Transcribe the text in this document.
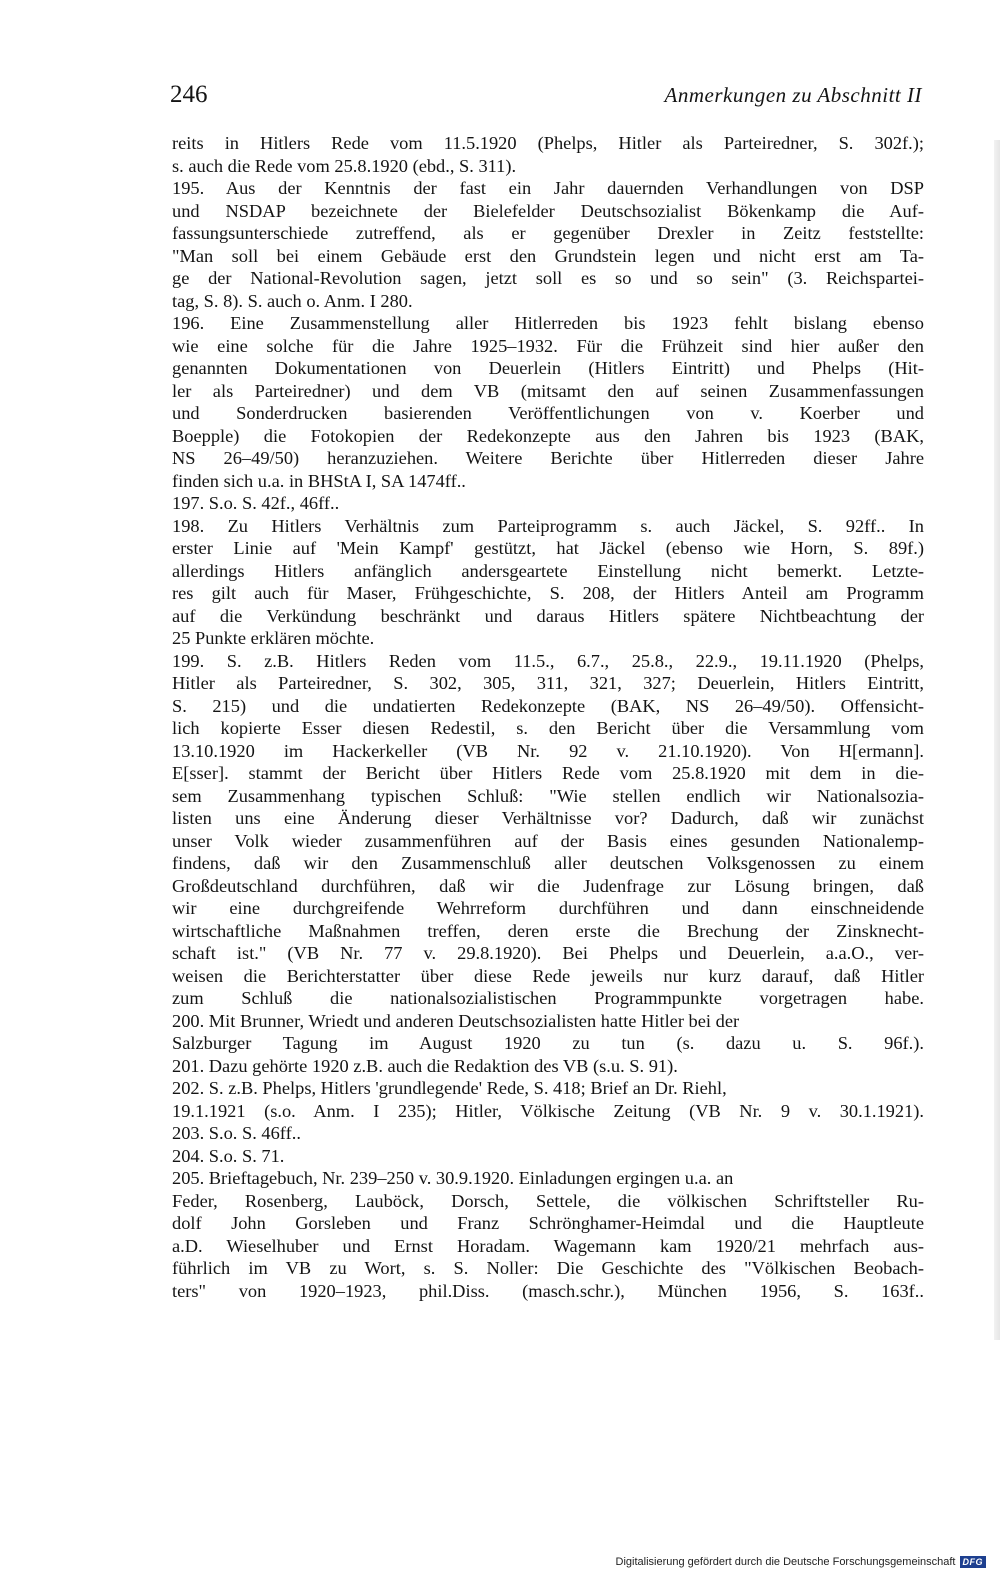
246	Anmerkungen zu Abschnitt II
reits in Hitlers Rede vom 11.5.1920 (Phelps, Hitler als Parteiredner, S. 302f.);
s. auch die Rede vom 25.8.1920 (ebd., S. 311).
195. Aus der Kenntnis der fast ein Jahr dauernden Verhandlungen von DSP
und NSDAP bezeichnete der Bielefelder Deutschsozialist Bökenkamp die Auf-
fassungsunterschiede zutreffend, als er gegenüber Drexler in Zeitz feststellte:
"Man soll bei einem Gebäude erst den Grundstein legen und nicht erst am Ta-
ge der National-Revolution sagen, jetzt soll es so und so sein" (3. Reichspartei-
tag, S. 8). S. auch o. Anm. I 280.
196. Eine Zusammenstellung aller Hitlerreden bis 1923 fehlt bislang ebenso
wie eine solche für die Jahre 1925–1932. Für die Frühzeit sind hier außer den
genannten Dokumentationen von Deuerlein (Hitlers Eintritt) und Phelps (Hit-
ler als Parteiredner) und dem VB (mitsamt den auf seinen Zusammenfassungen
und Sonderdrucken basierenden Veröffentlichungen von v. Koerber und
Boepple) die Fotokopien der Redekonzepte aus den Jahren bis 1923 (BAK,
NS 26–49/50) heranzuziehen. Weitere Berichte über Hitlerreden dieser Jahre
finden sich u.a. in BHStA I, SA 1474ff..
197. S.o. S. 42f., 46ff..
198. Zu Hitlers Verhältnis zum Parteiprogramm s. auch Jäckel, S. 92ff.. In
erster Linie auf 'Mein Kampf' gestützt, hat Jäckel (ebenso wie Horn, S. 89f.)
allerdings Hitlers anfänglich andersgeartete Einstellung nicht bemerkt. Letzte-
res gilt auch für Maser, Frühgeschichte, S. 208, der Hitlers Anteil am Programm
auf die Verkündung beschränkt und daraus Hitlers spätere Nichtbeachtung der
25 Punkte erklären möchte.
199. S. z.B. Hitlers Reden vom 11.5., 6.7., 25.8., 22.9., 19.11.1920 (Phelps,
Hitler als Parteiredner, S. 302, 305, 311, 321, 327; Deuerlein, Hitlers Eintritt,
S. 215) und die undatierten Redekonzepte (BAK, NS 26–49/50). Offensicht-
lich kopierte Esser diesen Redestil, s. den Bericht über die Versammlung vom
13.10.1920 im Hackerkeller (VB Nr. 92 v. 21.10.1920). Von H[ermann].
E[sser]. stammt der Bericht über Hitlers Rede vom 25.8.1920 mit dem in die-
sem Zusammenhang typischen Schluß: "Wie stellen endlich wir Nationalsozia-
listen uns eine Änderung dieser Verhältnisse vor? Dadurch, daß wir zunächst
unser Volk wieder zusammenführen auf der Basis eines gesunden Nationalemp-
findens, daß wir den Zusammenschluß aller deutschen Volksgenossen zu einem
Großdeutschland durchführen, daß wir die Judenfrage zur Lösung bringen, daß
wir eine durchgreifende Wehrreform durchführen und dann einschneidende
wirtschaftliche Maßnahmen treffen, deren erste die Brechung der Zinsknecht-
schaft ist." (VB Nr. 77 v. 29.8.1920). Bei Phelps und Deuerlein, a.a.O., ver-
weisen die Berichterstatter über diese Rede jeweils nur kurz darauf, daß Hitler
zum Schluß die nationalsozialistischen Programmpunkte vorgetragen habe.
200. Mit Brunner, Wriedt und anderen Deutschsozialisten hatte Hitler bei der
Salzburger Tagung im August 1920 zu tun (s. dazu u. S. 96f.).
201. Dazu gehörte 1920 z.B. auch die Redaktion des VB (s.u. S. 91).
202. S. z.B. Phelps, Hitlers 'grundlegende' Rede, S. 418; Brief an Dr. Riehl,
19.1.1921 (s.o. Anm. I 235); Hitler, Völkische Zeitung (VB Nr. 9 v. 30.1.1921).
203. S.o. S. 46ff..
204. S.o. S. 71.
205. Brieftagebuch, Nr. 239–250 v. 30.9.1920. Einladungen ergingen u.a. an
Feder, Rosenberg, Lauböck, Dorsch, Settele, die völkischen Schriftsteller Ru-
dolf John Gorsleben und Franz Schrönghamer-Heimdal und die Hauptleute
a.D. Wieselhuber und Ernst Horadam. Wagemann kam 1920/21 mehrfach aus-
führlich im VB zu Wort, s. S. Noller: Die Geschichte des "Völkischen Beobach-
ters" von 1920–1923, phil.Diss. (masch.schr.), München 1956, S. 163f..
Digitalisierung gefördert durch die Deutsche Forschungsgemeinschaft DFG
